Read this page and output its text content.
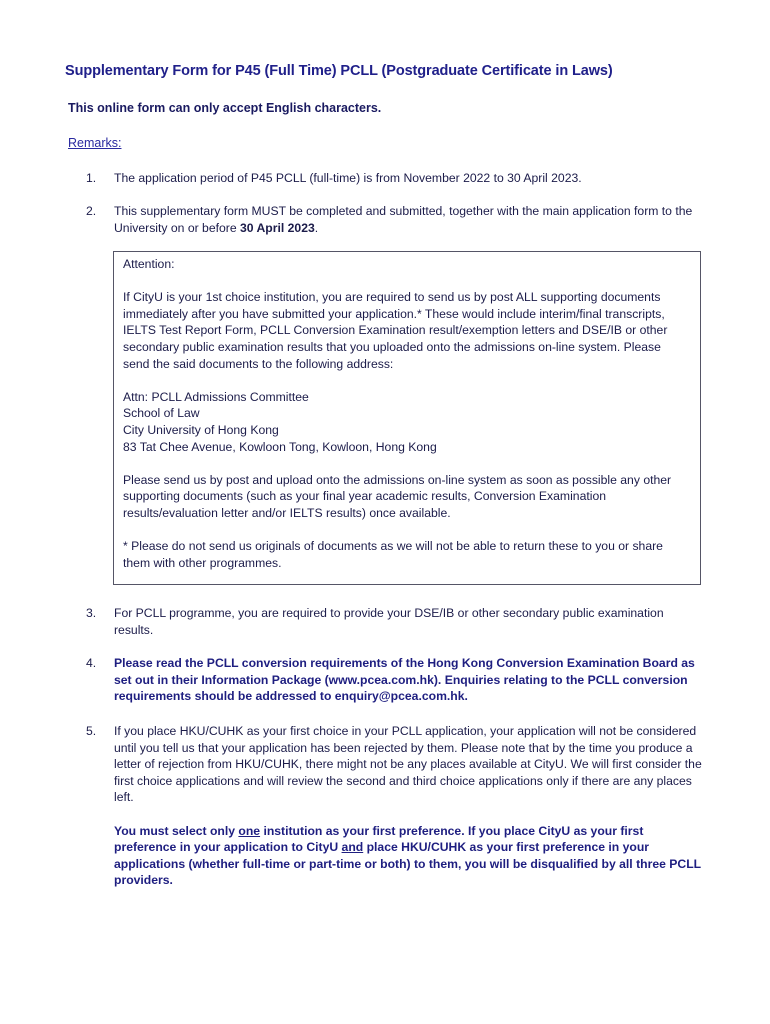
Supplementary Form for P45 (Full Time) PCLL (Postgraduate Certificate in Laws)

This online form can only accept English characters.

Remarks:

1. The application period of P45 PCLL (full-time) is from November 2022 to 30 April 2023.
2. This supplementary form MUST be completed and submitted, together with the main application form to the University on or before 30 April 2023.

Attention:

If CityU is your 1st choice institution, you are required to send us by post ALL supporting documents immediately after you have submitted your application.* These would include interim/final transcripts, IELTS Test Report Form, PCLL Conversion Examination result/exemption letters and DSE/IB or other secondary public examination results that you uploaded onto the admissions on-line system. Please send the said documents to the following address:

Attn: PCLL Admissions Committee

School of Law

City University of Hong Kong

83 Tat Chee Avenue, Kowloon Tong, Kowloon, Hong Kong

Please send us by post and upload onto the admissions on-line system as soon as possible any other supporting documents (such as your final year academic results, Conversion Examination results/evaluation letter and/or IELTS results) once available.

* Please do not send us originals of documents as we will not be able to return these to you or share them with other programmes.

3. For PCLL programme, you are required to provide your DSE/IB or other secondary public examination results.
4. Please read the PCLL conversion requirements of the Hong Kong Conversion Examination Board as set out in their Information Package (www.pcea.com.hk). Enquiries relating to the PCLL conversion requirements should be addressed to enquiry@pcea.com.hk.
5. If you place HKU/CUHK as your first choice in your PCLL application, your application will not be considered until you tell us that your application has been rejected by them. Please note that by the time you produce a letter of rejection from HKU/CUHK, there might not be any places available at CityU. We will first consider the first choice applications and will review the second and third choice applications only if there are any places left.
You must select only one institution as your first preference. If you place CityU as your first preference in your application to CityU and place HKU/CUHK as your first preference in your applications (whether full-time or part-time or both) to them, you will be disqualified by all three PCLL providers.
